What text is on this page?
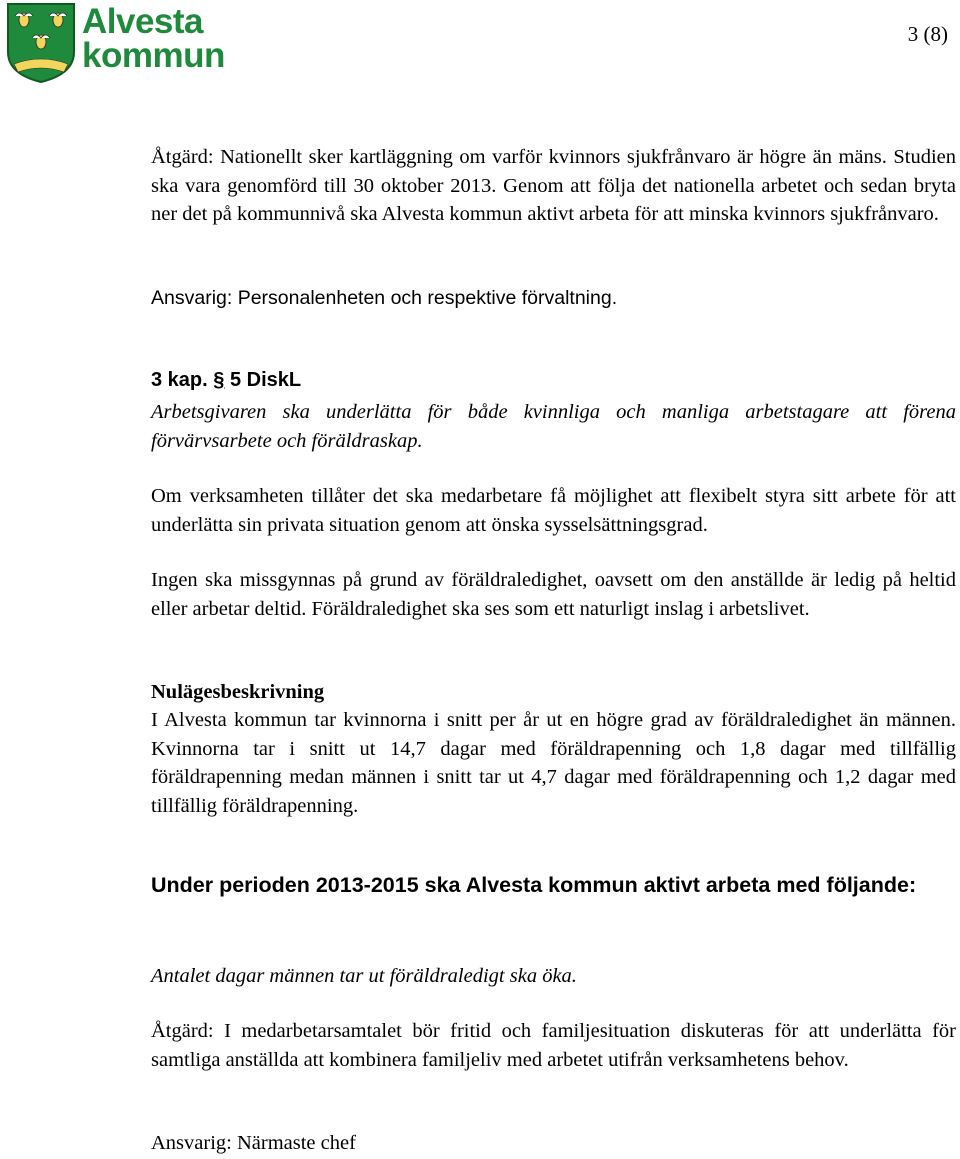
Alvesta
kommun
3 (8)

Åtgärd: Nationellt sker kartläggning om varför kvinnors sjukfrånvaro är högre än mäns. Studien ska vara genomförd till 30 oktober 2013. Genom att följa det nationella arbetet och sedan bryta ner det på kommunnivå ska Alvesta kommun aktivt arbeta för att minska kvinnors sjukfrånvaro.

Ansvarig: Personalenheten och respektive förvaltning.

3 kap. § 5 DiskL

Arbetsgivaren ska underlätta för både kvinnliga och manliga arbetstagare att förena förvärvsarbete och föräldraskap.

Om verksamheten tillåter det ska medarbetare få möjlighet att flexibelt styra sitt arbete för att underlätta sin privata situation genom att önska sysselsättningsgrad.

Ingen ska missgynnas på grund av föräldraledighet, oavsett om den anställde är ledig på heltid eller arbetar deltid. Föräldraledighet ska ses som ett naturligt inslag i arbetslivet.

Nulägesbeskrivning

I Alvesta kommun tar kvinnorna i snitt per år ut en högre grad av föräldraledighet än männen. Kvinnorna tar i snitt ut 14,7 dagar med föräldrapenning och 1,8 dagar med tillfällig föräldrapenning medan männen i snitt tar ut 4,7 dagar med föräldrapenning och 1,2 dagar med tillfällig föräldrapenning.

Under perioden 2013-2015 ska Alvesta kommun aktivt arbeta med följande:

Antalet dagar männen tar ut föräldraledigt ska öka.

Åtgärd: I medarbetarsamtalet bör fritid och familjesituation diskuteras för att underlätta för samtliga anställda att kombinera familjeliv med arbetet utifrån verksamhetens behov.

Ansvarig: Närmaste chef
